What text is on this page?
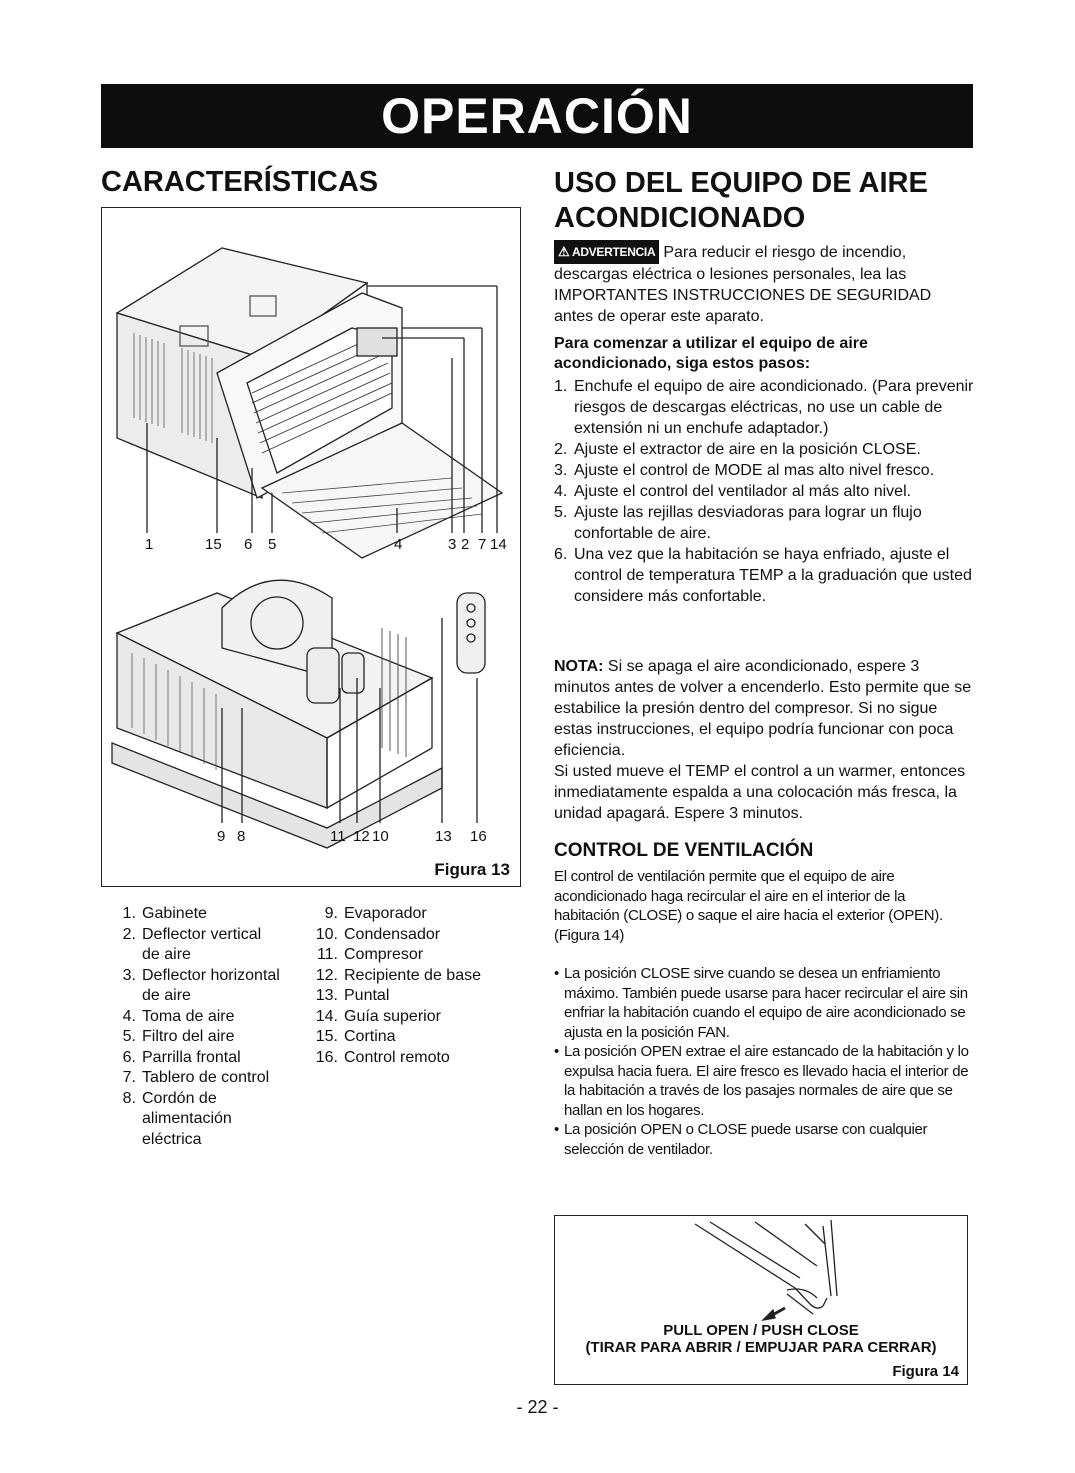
OPERACIÓN
CARACTERÍSTICAS	USO DEL EQUIPO DE AIRE ACONDICIONADO
1	15 6 5	4	3 2 7 14
9 8	11 12 10	13 16
Figura 13
1. Gabinete
2. Deflector vertical
de aire
3. Deflector horizontal
de aire
4. Toma de aire
5. Filtro del aire
6. Parrilla frontal
7. Tablero de control
8. Cordón de
alimentación
eléctrica
9. Evaporador
10. Condensador
11. Compresor
12. Recipiente de base
13. Puntal
14. Guía superior
15. Cortina
16. Control remoto

⚠ ADVERTENCIA Para reducir el riesgo de incendio, descargas eléctrica o lesiones personales, lea las IMPORTANTES INSTRUCCIONES DE SEGURIDAD antes de operar este aparato.

Para comenzar a utilizar el equipo de aire acondicionado, siga estos pasos:

1. Enchufe el equipo de aire acondicionado. (Para prevenir riesgos de descargas eléctricas, no use un cable de extensión ni un enchufe adaptador.)
2. Ajuste el extractor de aire en la posición CLOSE.
3. Ajuste el control de MODE al mas alto nivel fresco.
4. Ajuste el control del ventilador al más alto nivel.
5. Ajuste las rejillas desviadoras para lograr un flujo confortable de aire.
6. Una vez que la habitación se haya enfriado, ajuste el control de temperatura TEMP a la graduación que usted considere más confortable.
NOTA: Si se apaga el aire acondicionado, espere 3 minutos antes de volver a encenderlo. Esto permite que se estabilice la presión dentro del compresor. Si no sigue estas instrucciones, el equipo podría funcionar con poca eficiencia.
Si usted mueve el TEMP el control a un warmer, entonces inmediatamente espalda a una colocación más fresca, la unidad apagará. Espere 3 minutos.
CONTROL DE VENTILACIÓN

El control de ventilación permite que el equipo de aire acondicionado haga recircular el aire en el interior de la habitación (CLOSE) o saque el aire hacia el exterior (OPEN). (Figura 14)

• La posición CLOSE sirve cuando se desea un enfriamiento máximo. También puede usarse para hacer recircular el aire sin enfriar la habitación cuando el equipo de aire acondicionado se ajusta en la posición FAN.
• La posición OPEN extrae el aire estancado de la habitación y lo expulsa hacia fuera. El aire fresco es llevado hacia el interior de la habitación a través de los pasajes normales de aire que se hallan en los hogares.
• La posición OPEN o CLOSE puede usarse con cualquier selección de ventilador.
PULL OPEN / PUSH CLOSE
(TIRAR PARA ABRIR / EMPUJAR PARA CERRAR)
Figura 14
- 22 -
